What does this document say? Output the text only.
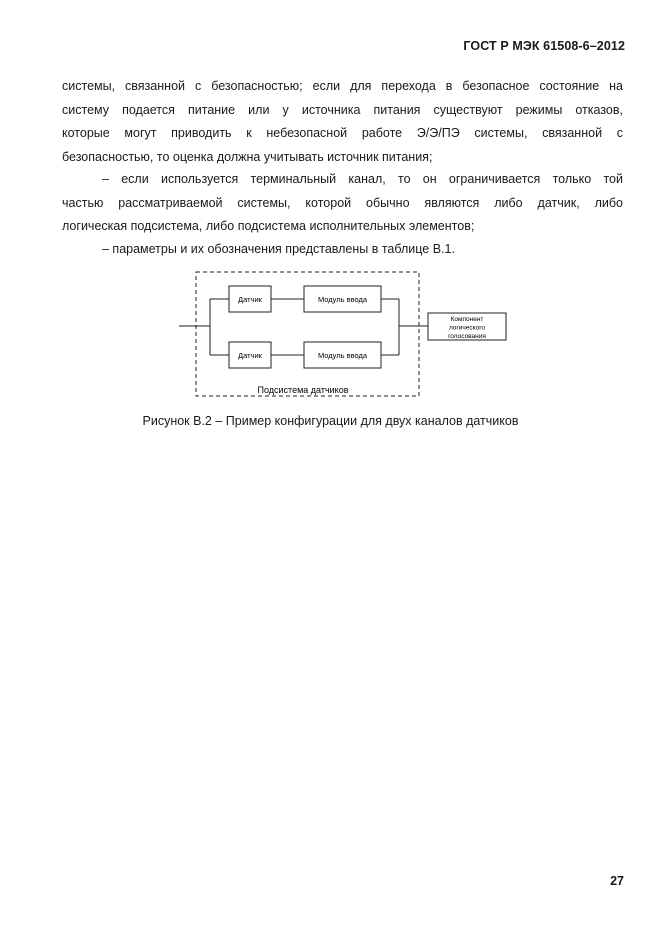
ГОСТ Р МЭК 61508-6–2012
системы, связанной с безопасностью; если для перехода в безопасное состояние на
систему подается питание или у источника питания существуют режимы отказов,
которые могут приводить к небезопасной работе Э/Э/ПЭ системы, связанной с
безопасностью, то оценка должна учитывать источник питания;
– если используется терминальный канал, то он ограничивается только той
частью рассматриваемой системы, которой обычно являются либо датчик, либо
логическая подсистема, либо подсистема исполнительных элементов;
– параметры и их обозначения представлены в таблице В.1.
Датчик	Модуль ввода
Датчик	Модуль ввода
Компонент
логического
голосования
Подсистема датчиков
Рисунок В.2 – Пример конфигурации для двух каналов датчиков
27
